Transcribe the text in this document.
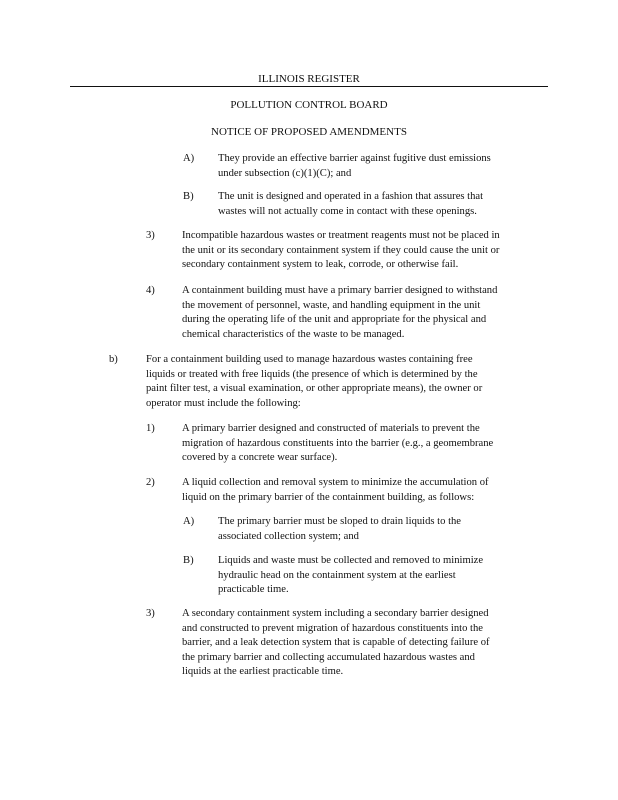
ILLINOIS REGISTER
POLLUTION CONTROL BOARD
NOTICE OF PROPOSED AMENDMENTS
A) They provide an effective barrier against fugitive dust emissions
under subsection (c)(1)(C); and
B) The unit is designed and operated in a fashion that assures that
wastes will not actually come in contact with these openings.
3)	Incompatible hazardous wastes or treatment reagents must not be placed in
the unit or its secondary containment system if they could cause the unit or
secondary containment system to leak, corrode, or otherwise fail.
4)	A containment building must have a primary barrier designed to withstand
the movement of personnel, waste, and handling equipment in the unit
during the operating life of the unit and appropriate for the physical and
chemical characteristics of the waste to be managed.
b)	For a containment building used to manage hazardous wastes containing free
liquids or treated with free liquids (the presence of which is determined by the
paint filter test, a visual examination, or other appropriate means), the owner or
operator must include the following:
1)	A primary barrier designed and constructed of materials to prevent the
migration of hazardous constituents into the barrier (e.g., a geomembrane
covered by a concrete wear surface).
2)	A liquid collection and removal system to minimize the accumulation of
liquid on the primary barrier of the containment building, as follows:
A) The primary barrier must be sloped to drain liquids to the
associated collection system; and
B) Liquids and waste must be collected and removed to minimize
hydraulic head on the containment system at the earliest
practicable time.
3)	A secondary containment system including a secondary barrier designed
and constructed to prevent migration of hazardous constituents into the
barrier, and a leak detection system that is capable of detecting failure of
the primary barrier and collecting accumulated hazardous wastes and
liquids at the earliest practicable time.
